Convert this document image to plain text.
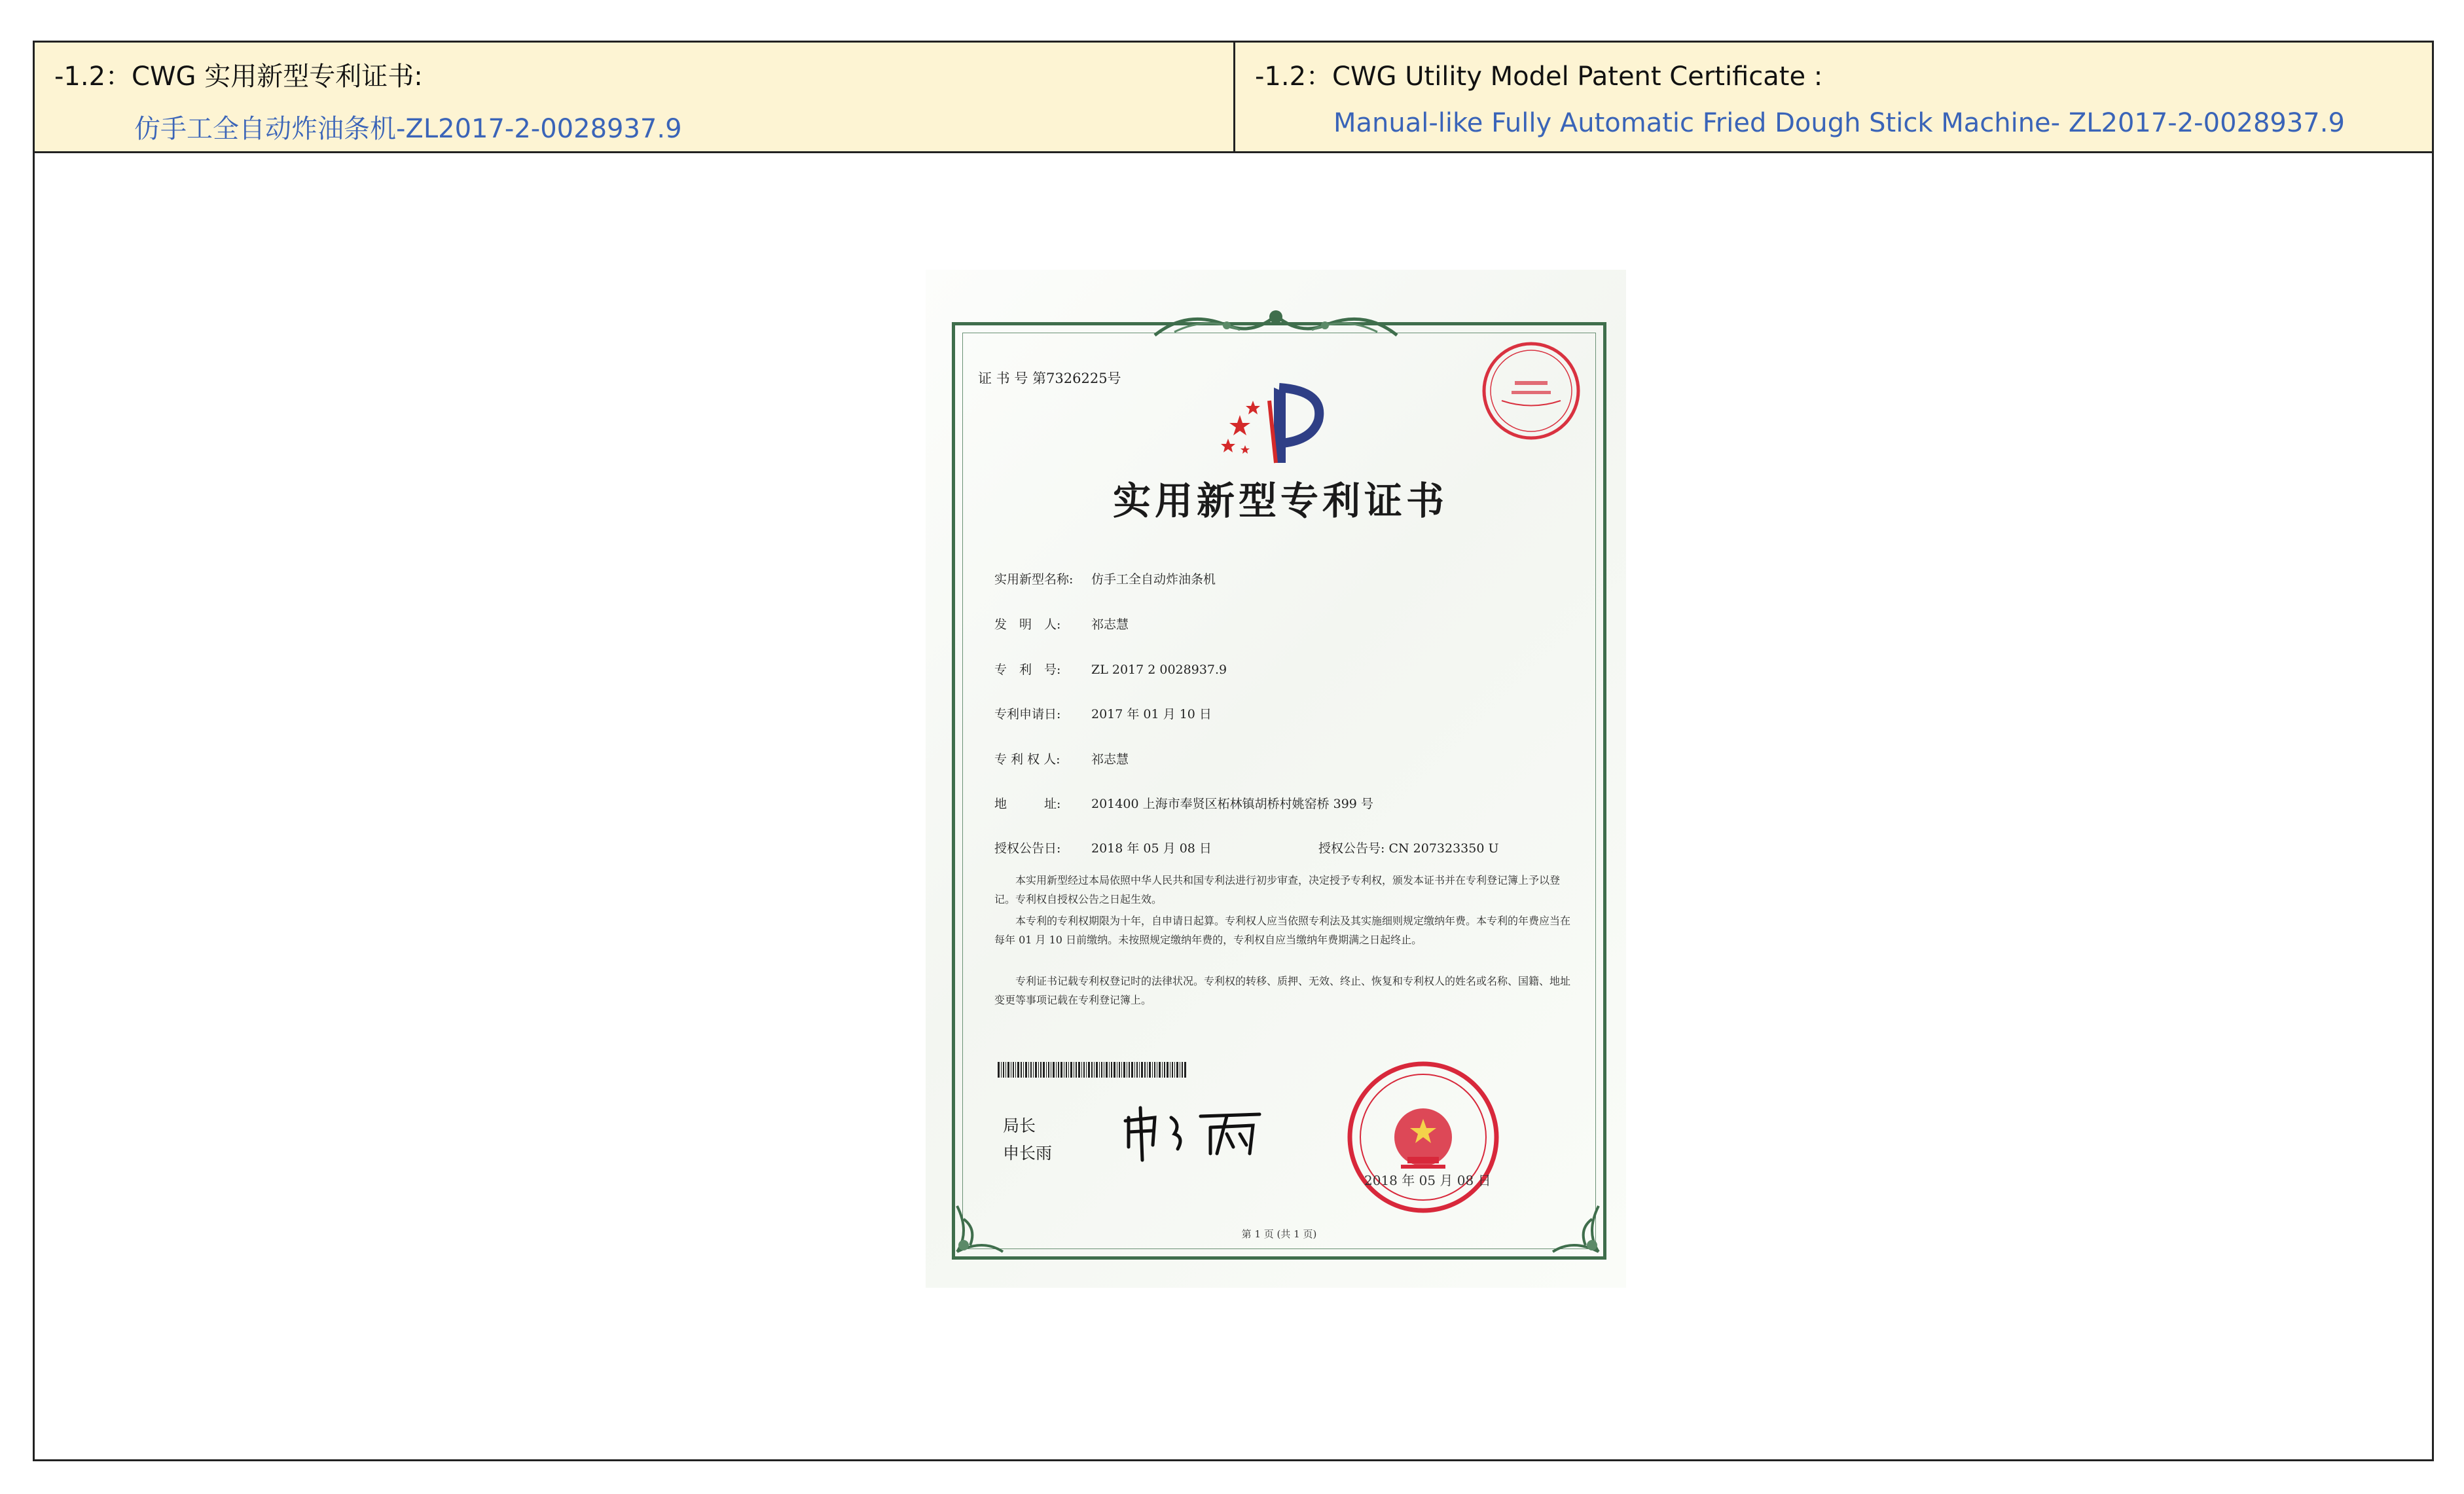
-1.2：CWG 实用新型专利证书:
仿手工全自动炸油条机-ZL2017-2-0028937.9
-1.2：CWG Utility Model Patent Certificate :
Manual-like Fully Automatic Fried Dough Stick Machine- ZL2017-2-0028937.9
证 书 号 第7326225号
实用新型专利证书
实用新型名称: 仿手工全自动炸油条机
发　明　人: 祁志慧
专　利　号: ZL 2017 2 0028937.9
专利申请日: 2017 年 01 月 10 日
专 利 权 人: 祁志慧
地　　　址: 201400 上海市奉贤区柘林镇胡桥村姚窑桥 399 号
授权公告日: 2018 年 05 月 08 日	授权公告号: CN 207323350 U
本实用新型经过本局依照中华人民共和国专利法进行初步审查，决定授予专利权，颁发本证书并在专利登记簿上予以登记。专利权自授权公告之日起生效。
本专利的专利权期限为十年，自申请日起算。专利权人应当依照专利法及其实施细则规定缴纳年费。本专利的年费应当在每年 01 月 10 日前缴纳。未按照规定缴纳年费的，专利权自应当缴纳年费期满之日起终止。
专利证书记载专利权登记时的法律状况。专利权的转移、质押、无效、终止、恢复和专利权人的姓名或名称、国籍、地址变更等事项记载在专利登记簿上。
局长
申长雨
2018 年 05 月 08 日
第 1 页 (共 1 页)
